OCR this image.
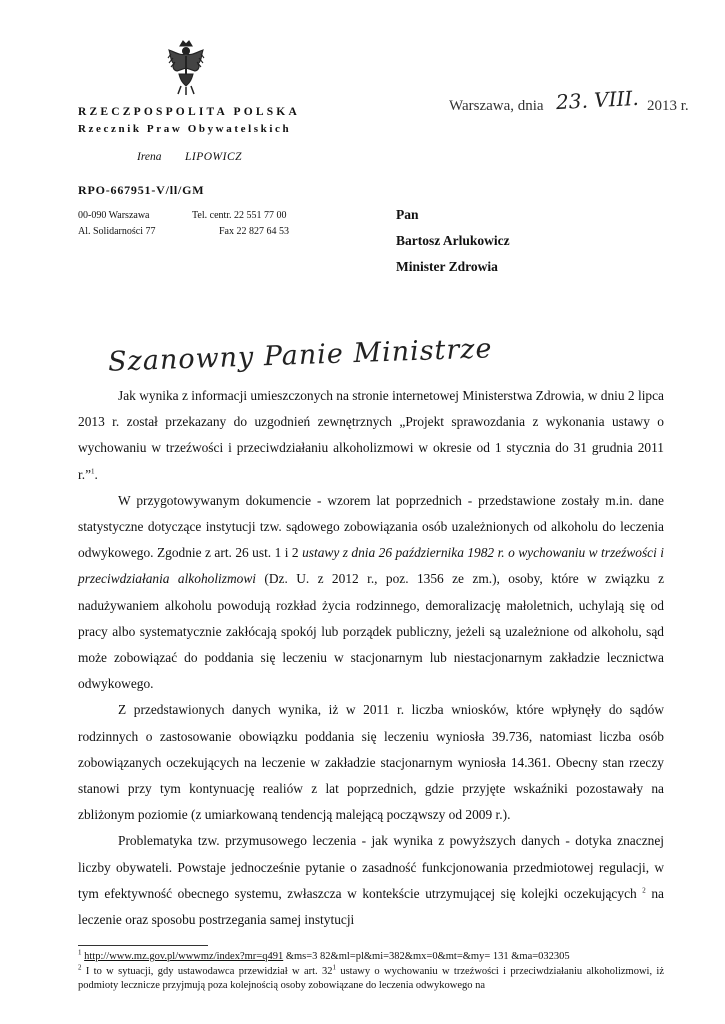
RZECZPOSPOLITA POLSKA
Rzecznik Praw Obywatelskich
Irena LIPOWICZ
RPO-667951-V/ll/GM
00-090 Warszawa
Al. Solidarności 77
Tel. centr. 22 551 77 00
Fax 22 827 64 53
Warszawa, dnia 23. VIII. 2013 r.
Pan
Bartosz Arlukowicz
Minister Zdrowia
Szanowny Panie Ministrze

Jak wynika z informacji umieszczonych na stronie internetowej Ministerstwa Zdrowia, w dniu 2 lipca 2013 r. został przekazany do uzgodnień zewnętrznych „Projekt sprawozdania z wykonania ustawy o wychowaniu w trzeźwości i przeciwdziałaniu alkoholizmowi w okresie od 1 stycznia do 31 grudnia 2011 r.”$^1$.

W przygotowywanym dokumencie - wzorem lat poprzednich - przedstawione zostały m.in. dane statystyczne dotyczące instytucji tzw. sądowego zobowiązania osób uzależnionych od alkoholu do leczenia odwykowego. Zgodnie z art. 26 ust. 1 i 2 ustawy z dnia 26 października 1982 r. o wychowaniu w trzeźwości i przeciwdziałania alkoholizmowi (Dz. U. z 2012 r., poz. 1356 ze zm.), osoby, które w związku z nadużywaniem alkoholu powodują rozkład życia rodzinnego, demoralizację małoletnich, uchylają się od pracy albo systematycznie zakłócają spokój lub porządek publiczny, jeżeli są uzależnione od alkoholu, sąd może zobowiązać do poddania się leczeniu w stacjonarnym lub niestacjonarnym zakładzie lecznictwa odwykowego.

Z przedstawionych danych wynika, iż w 2011 r. liczba wniosków, które wpłynęły do sądów rodzinnych o zastosowanie obowiązku poddania się leczeniu wyniosła 39.736, natomiast liczba osób zobowiązanych oczekujących na leczenie w zakładzie stacjonarnym wyniosła 14.361. Obecny stan rzeczy stanowi przy tym kontynuację realiów z lat poprzednich, gdzie przyjęte wskaźniki pozostawały na zbliżonym poziomie (z umiarkowaną tendencją malejącą począwszy od 2009 r.).

Problematyka tzw. przymusowego leczenia - jak wynika z powyższych danych - dotyka znacznej liczby obywateli. Powstaje jednocześnie pytanie o zasadność funkcjonowania przedmiotowej regulacji, w tym efektywność obecnego systemu, zwłaszcza w kontekście utrzymującej się kolejki oczekujących $^2$ na leczenie oraz sposobu postrzegania samej instytucji

$^1$ http://www.mz.gov.pl/wwwmz/index?mr=q491 &ms=3 82&ml=pl&mi=382&mx=0&mt=&my= 131 &ma=032305
$^2$ I to w sytuacji, gdy ustawodawca przewidział w art. $32^1$ ustawy o wychowaniu w trzeźwości i przeciwdziałaniu alkoholizmowi, iż podmioty lecznicze przyjmują poza kolejnością osoby zobowiązane do leczenia odwykowego na
